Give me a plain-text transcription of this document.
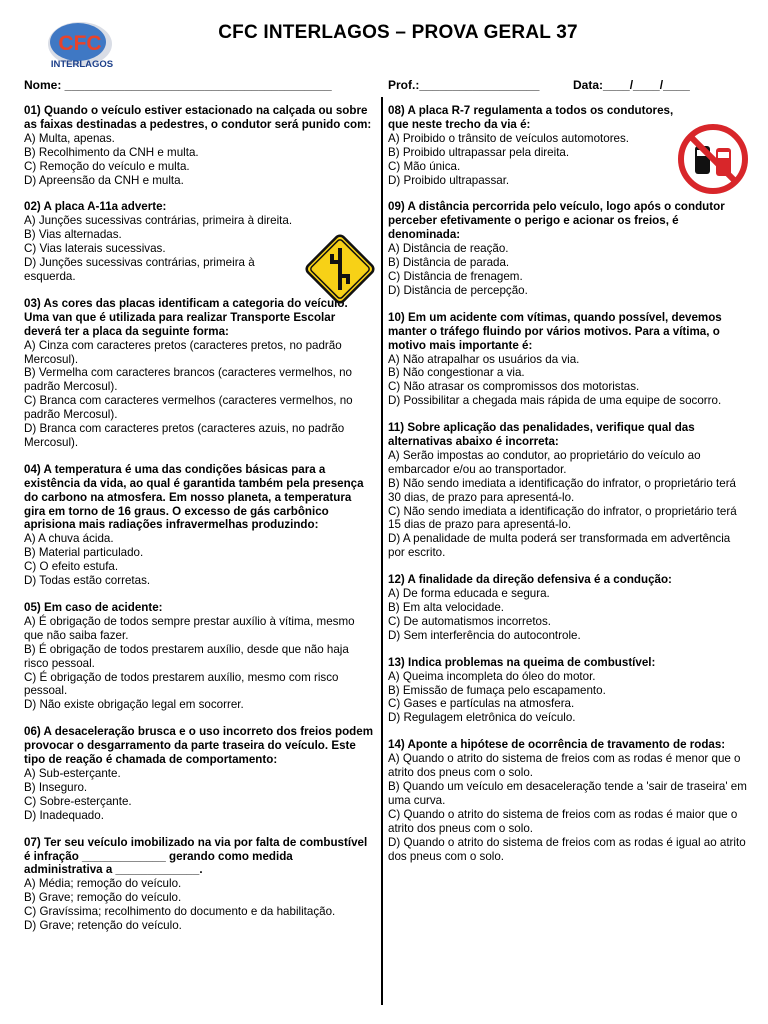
CFC
INTERLAGOS
CFC INTERLAGOS – PROVA GERAL 37
Nome: ________________________________________	Prof.:__________________	Data:____/____/____
01) Quando o veículo estiver estacionado na calçada ou sobre as faixas destinadas a pedestres, o condutor será punido com:
A) Multa, apenas.
B) Recolhimento da CNH e multa.
C) Remoção do veículo e multa.
D) Apreensão da CNH e multa.
02) A placa A-11a adverte:
A) Junções sucessivas contrárias, primeira à direita.
B) Vias alternadas.
C) Vias laterais sucessivas.
D) Junções sucessivas contrárias, primeira à esquerda.
03) As cores das placas identificam a categoria do veículo. Uma van que é utilizada para realizar Transporte Escolar deverá ter a placa da seguinte forma:
A) Cinza com caracteres pretos (caracteres pretos, no padrão Mercosul).
B) Vermelha com caracteres brancos (caracteres vermelhos, no padrão Mercosul).
C) Branca com caracteres vermelhos (caracteres vermelhos, no padrão Mercosul).
D) Branca com caracteres pretos (caracteres azuis, no padrão Mercosul).
04) A temperatura é uma das condições básicas para a existência da vida, ao qual é garantida também pela presença do carbono na atmosfera. Em nosso planeta, a temperatura gira em torno de 16 graus. O excesso de gás carbônico aprisiona mais radiações infravermelhas produzindo:
A) A chuva ácida.
B) Material particulado.
C) O efeito estufa.
D) Todas estão corretas.
05) Em caso de acidente:
A) É obrigação de todos sempre prestar auxílio à vítima, mesmo que não saiba fazer.
B) É obrigação de todos prestarem auxílio, desde que não haja risco pessoal.
C) É obrigação de todos prestarem auxílio, mesmo com risco pessoal.
D) Não existe obrigação legal em socorrer.
06) A desaceleração brusca e o uso incorreto dos freios podem provocar o desgarramento da parte traseira do veículo. Este tipo de reação é chamada de comportamento:
A) Sub-esterçante.
B) Inseguro.
C) Sobre-esterçante.
D) Inadequado.
07) Ter seu veículo imobilizado na via por falta de combustível é infração _____________ gerando como medida administrativa a _____________.
A) Média; remoção do veículo.
B) Grave; remoção do veículo.
C) Gravíssima; recolhimento do documento e da habilitação.
D) Grave; retenção do veículo.
08) A placa R-7 regulamenta a todos os condutores, que neste trecho da via é:
A) Proibido o trânsito de veículos automotores.
B) Proibido ultrapassar pela direita.
C) Mão única.
D) Proibido ultrapassar.
09) A distância percorrida pelo veículo, logo após o condutor perceber efetivamente o perigo e acionar os freios, é denominada:
A) Distância de reação.
B) Distância de parada.
C) Distância de frenagem.
D) Distância de percepção.
10) Em um acidente com vítimas, quando possível, devemos manter o tráfego fluindo por vários motivos. Para a vítima, o motivo mais importante é:
A) Não atrapalhar os usuários da via.
B) Não congestionar a via.
C) Não atrasar os compromissos dos motoristas.
D) Possibilitar a chegada mais rápida de uma equipe de socorro.
11) Sobre aplicação das penalidades, verifique qual das alternativas abaixo é incorreta:
A) Serão impostas ao condutor, ao proprietário do veículo ao embarcador e/ou ao transportador.
B) Não sendo imediata a identificação do infrator, o proprietário terá 30 dias, de prazo para apresentá-lo.
C) Não sendo imediata a identificação do infrator, o proprietário terá 15 dias de prazo para apresentá-lo.
D) A penalidade de multa poderá ser transformada em advertência por escrito.
12) A finalidade da direção defensiva é a condução:
A) De forma educada e segura.
B) Em alta velocidade.
C) De automatismos incorretos.
D) Sem interferência do autocontrole.
13) Indica problemas na queima de combustível:
A) Queima incompleta do óleo do motor.
B) Emissão de fumaça pelo escapamento.
C) Gases e partículas na atmosfera.
D) Regulagem eletrônica do veículo.
14) Aponte a hipótese de ocorrência de travamento de rodas:
A) Quando o atrito do sistema de freios com as rodas é menor que o atrito dos pneus com o solo.
B) Quando um veículo em desaceleração tende a 'sair de traseira' em uma curva.
C) Quando o atrito do sistema de freios com as rodas é maior que o atrito dos pneus com o solo.
D) Quando o atrito do sistema de freios com as rodas é igual ao atrito dos pneus com o solo.
